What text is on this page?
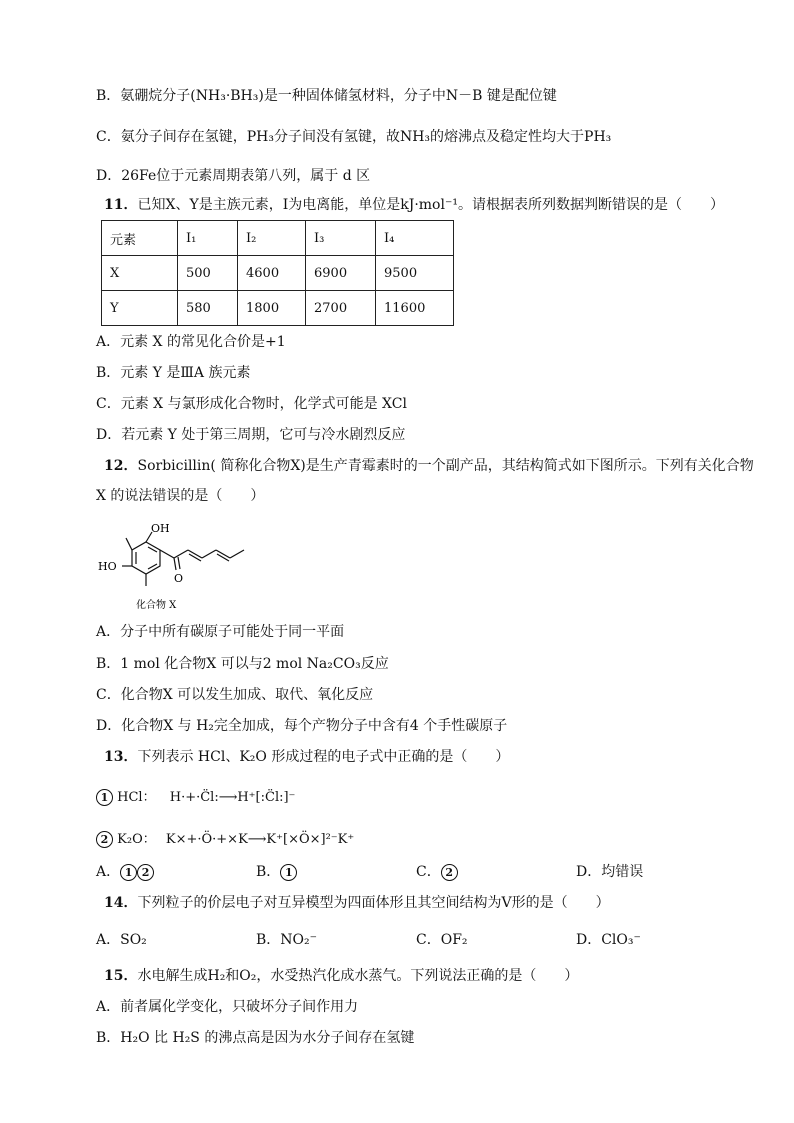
B．氨硼烷分子(NH₃·BH₃)是一种固体储氢材料，分子中N－B 键是配位键
C．氨分子间存在氢键，PH₃分子间没有氢键，故NH₃的熔沸点及稳定性均大于PH₃
D．26Fe位于元素周期表第八列，属于 d 区
11．已知X、Y是主族元素，I为电离能，单位是kJ·mol⁻¹。请根据表所列数据判断错误的是（　　）
元素	I₁	I₂	I₃	I₄
X	500	4600	6900	9500
Y	580	1800	2700	11600
A．元素 X 的常见化合价是+1
B．元素 Y 是ⅢA 族元素
C．元素 X 与氯形成化合物时，化学式可能是 XCl
D．若元素 Y 处于第三周期，它可与冷水剧烈反应
12．Sorbicillin( 简称化合物X)是生产青霉素时的一个副产品，其结构简式如下图所示。下列有关化合物
X 的说法错误的是（　　）
OH
HO
O
化合物 X
A．分子中所有碳原子可能处于同一平面
B．1 mol 化合物X 可以与2 mol Na₂CO₃反应
C．化合物X 可以发生加成、取代、氧化反应
D．化合物X 与 H₂完全加成，每个产物分子中含有4 个手性碳原子
13．下列表示 HCl、K₂O 形成过程的电子式中正确的是（　　）
1 HCl： H·+·C̈l:⟶H⁺[:C̈l:]⁻
2 K₂O： K×+·Ö·+×K⟶K⁺[×Ö×]²⁻K⁺
A． 1 2	B． 1	C． 2	D．均错误
14．下列粒子的价层电子对互异模型为四面体形且其空间结构为V形的是（　　）
A．SO₂	B．NO₂⁻	C．OF₂	D．ClO₃⁻
15．水电解生成H₂和O₂，水受热汽化成水蒸气。下列说法正确的是（　　）
A．前者属化学变化，只破坏分子间作用力
B．H₂O 比 H₂S 的沸点高是因为水分子间存在氢键
